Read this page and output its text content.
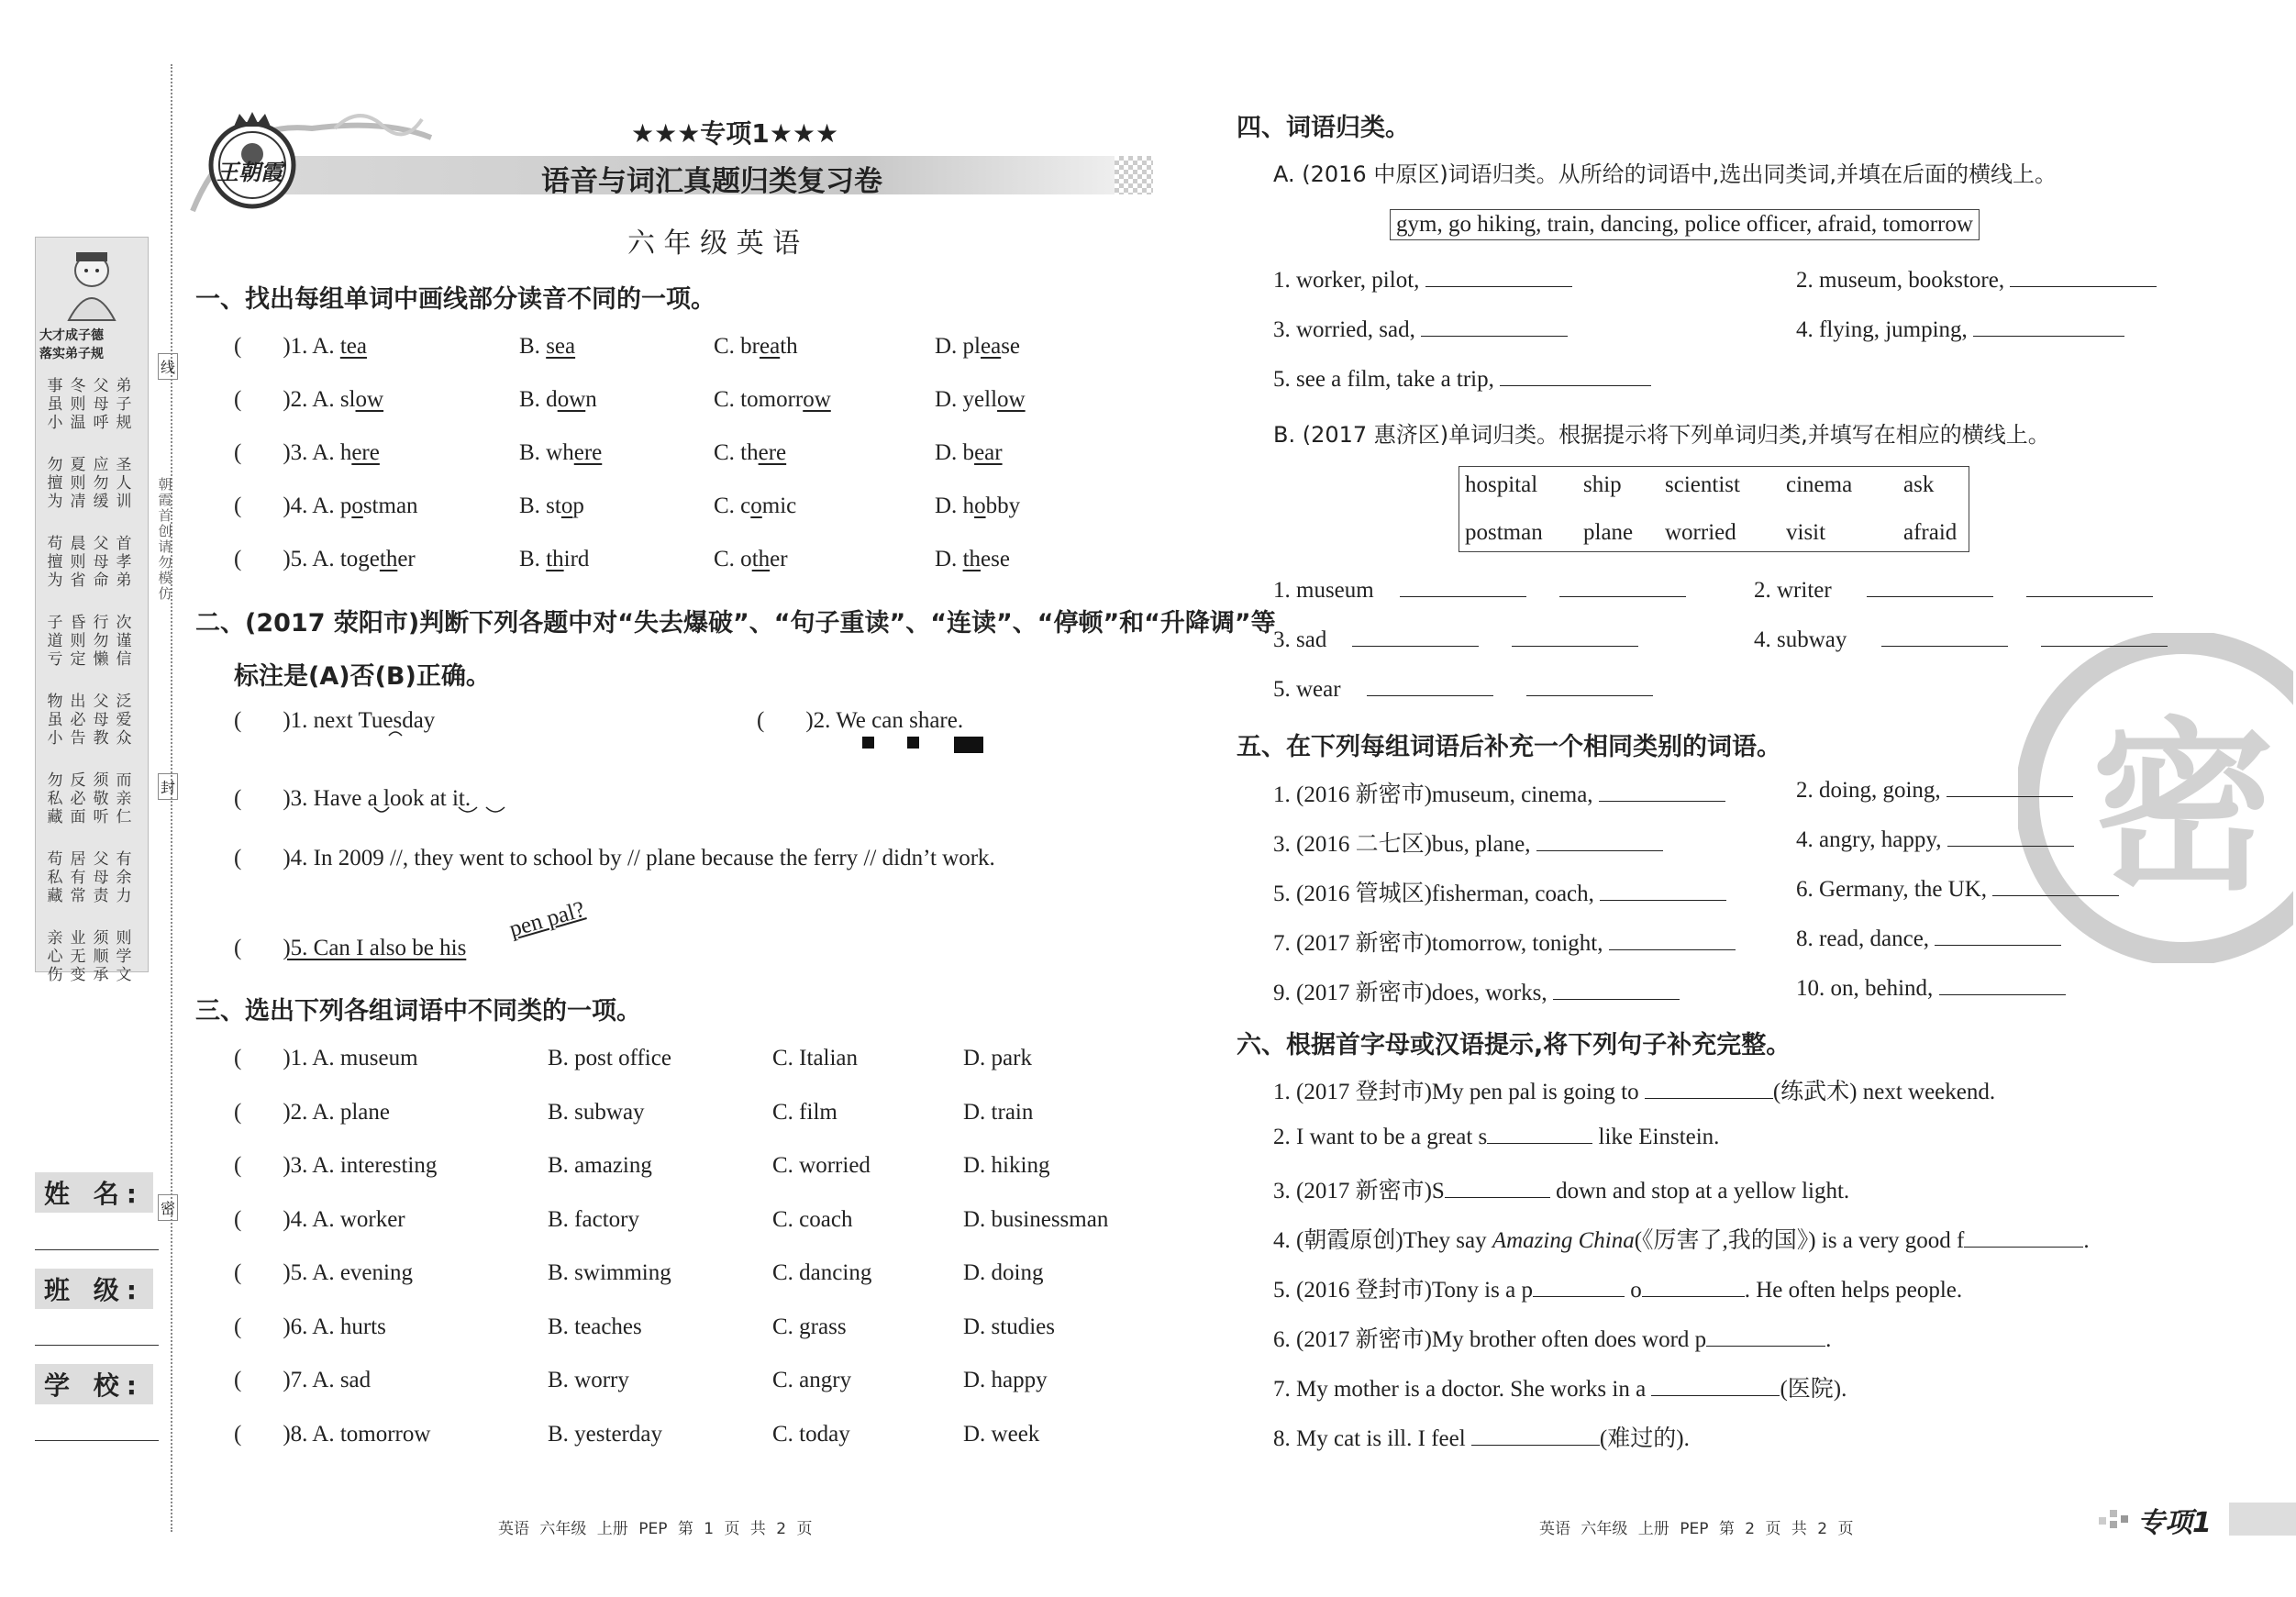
大才成子德
落实弟子规
事
虽
小
冬
则
温
父
母
呼
弟
子
规
勿
擅
为
夏
则
凊
应
勿
缓
圣
人
训
苟
擅
为
晨
则
省
父
母
命
首
孝
弟
子
道
亏
昏
则
定
行
勿
懒
次
谨
信
物
虽
小
出
必
告
父
母
教
泛
爱
众
勿
私
藏
反
必
面
须
敬
听
而
亲
仁
苟
私
藏
居
有
常
父
母
责
有
余
力
亲
心
伤
业
无
变
须
顺
承
则
学
文
朝霞首创 请勿模仿
线
封
密
姓 名:
班 级:
学 校:
王朝霞
★★★专项1★★★
语音与词汇真题归类复习卷
六 年 级 英 语
一、找出每组单词中画线部分读音不同的一项。
( )1. A. tea	B. sea	C. breath	D. please
( )2. A. slow	B. down	C. tomorrow	D. yellow
( )3. A. here	B. where	C. there	D. bear
( )4. A. postman	B. stop	C. comic	D. hobby
( )5. A. together	B. third	C. other	D. these
二、(2017 荥阳市)判断下列各题中对“失去爆破”、“句子重读”、“连读”、“停顿”和“升降调”等
标注是(A)否(B)正确。
( )1. next Tuesday	( )2. We can share.
( )3. Have a look at it.
( )4. In 2009 //, they went to school by // plane because the ferry // didn’t work.
( )5. Can I also be his
pen pal?
三、选出下列各组词语中不同类的一项。
( )1. A. museum	B. post office	C. Italian	D. park
( )2. A. plane	B. subway	C. film	D. train
( )3. A. interesting	B. amazing	C. worried	D. hiking
( )4. A. worker	B. factory	C. coach	D. businessman
( )5. A. evening	B. swimming	C. dancing	D. doing
( )6. A. hurts	B. teaches	C. grass	D. studies
( )7. A. sad	B. worry	C. angry	D. happy
( )8. A. tomorrow	B. yesterday	C. today	D. week
英语 六年级 上册 PEP 第 1 页 共 2 页
密
四、词语归类。
A. (2016 中原区)词语归类。从所给的词语中,选出同类词,并填在后面的横线上。
gym, go hiking, train, dancing, police officer, afraid, tomorrow
1. worker, pilot,	2. museum, bookstore,
3. worried, sad,	4. flying, jumping,
5. see a film, take a trip,
B. (2017 惠济区)单词归类。根据提示将下列单词归类,并填写在相应的横线上。
hospital ship scientist cinema ask
postman plane worried visit	afraid
1. museum	2. writer
3. sad	4. subway
5. wear
五、在下列每组词语后补充一个相同类别的词语。
1. (2016 新密市)museum, cinema,	2. doing, going,
3. (2016 二七区)bus, plane,	4. angry, happy,
5. (2016 管城区)fisherman, coach,	6. Germany, the UK,
7. (2017 新密市)tomorrow, tonight,	8. read, dance,
9. (2017 新密市)does, works,	10. on, behind,
六、根据首字母或汉语提示,将下列句子补充完整。
1. (2017 登封市)My pen pal is going to	(练武术) next weekend.
2. I want to be a great s	like Einstein.
3. (2017 新密市)S	down and stop at a yellow light.
4. (朝霞原创)They say Amazing China(《厉害了,我的国》) is a very good f	.
5. (2016 登封市)Tony is a p	o	. He often helps people.
6. (2017 新密市)My brother often does word p	.
7. My mother is a doctor. She works in a	(医院).
8. My cat is ill. I feel	(难过的).
英语 六年级 上册 PEP 第 2 页 共 2 页	专项1
